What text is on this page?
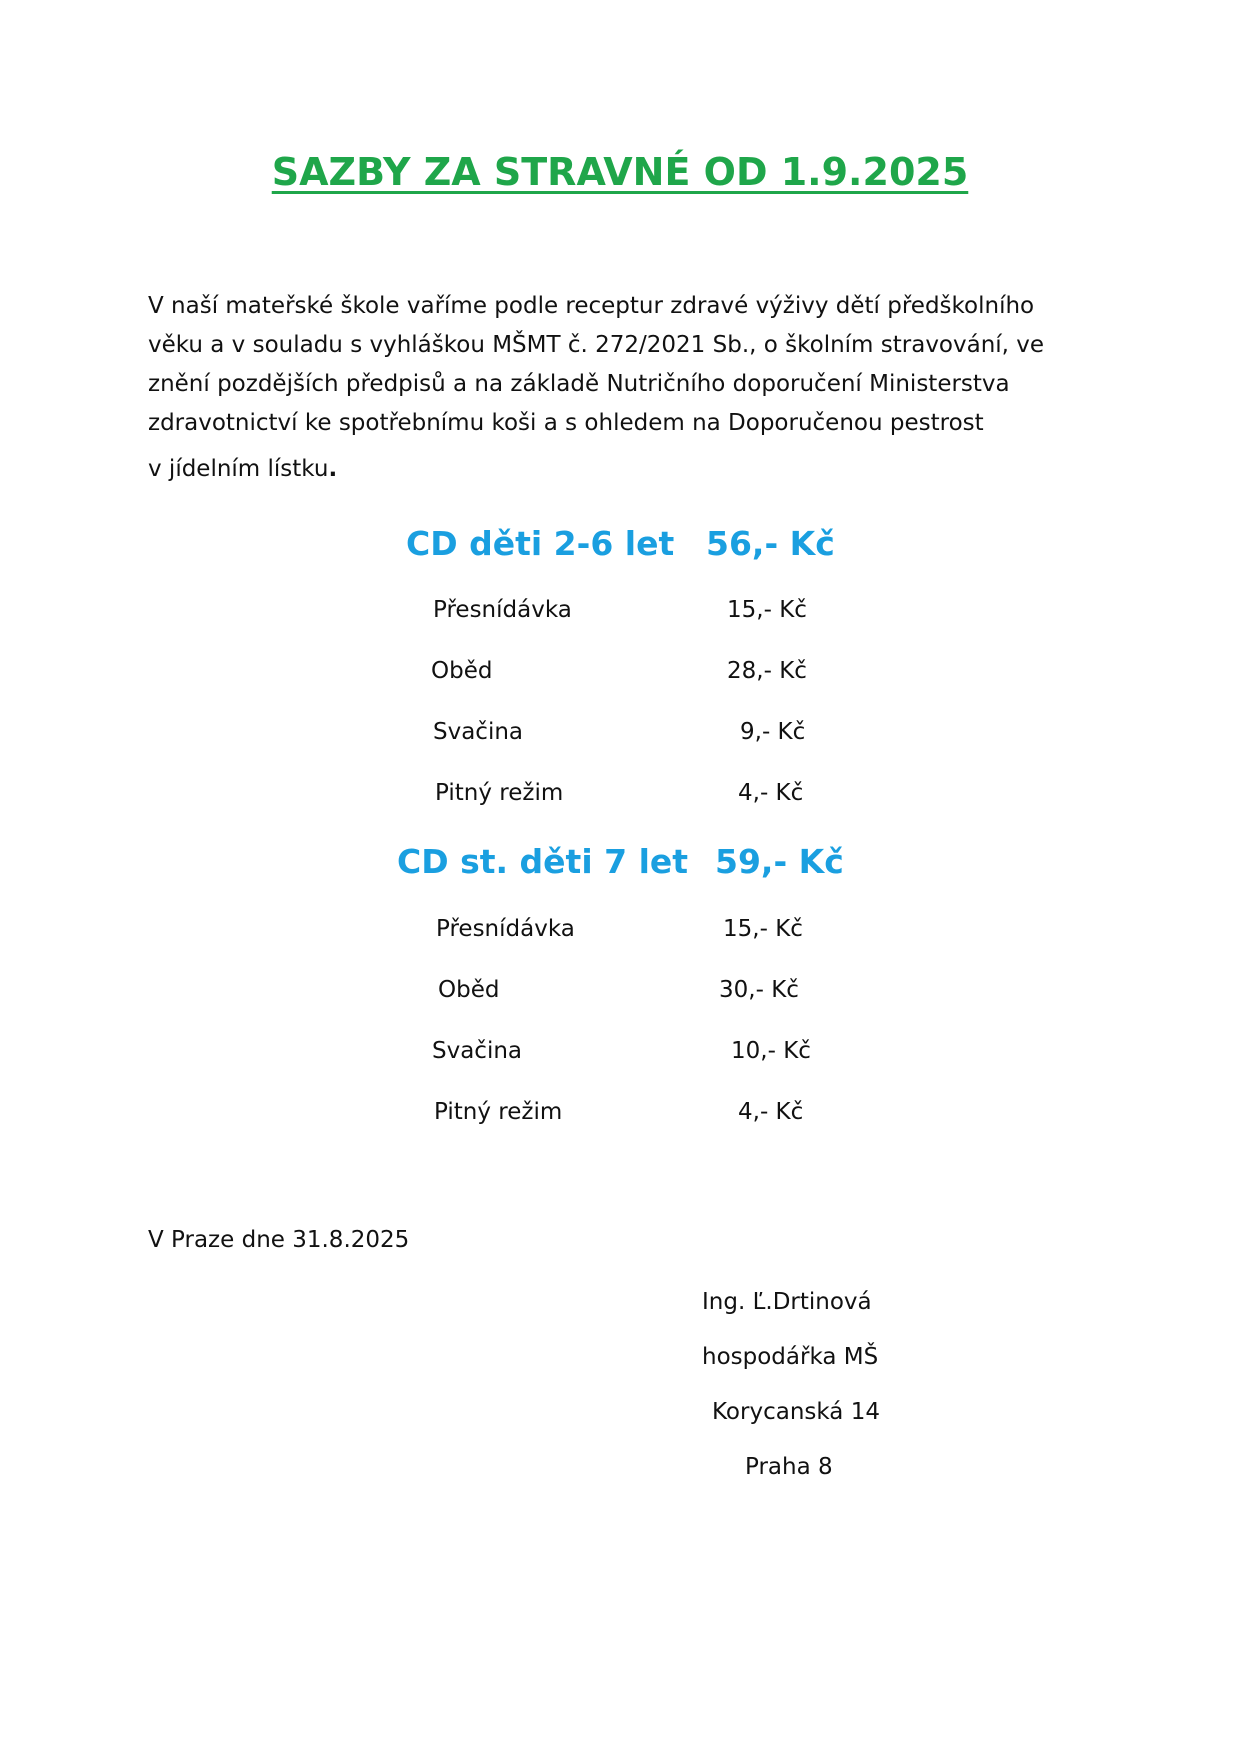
SAZBY ZA STRAVNÉ OD 1.9.2025

V naší mateřské škole vaříme podle receptur zdravé výživy dětí předškolního

věku a v souladu s vyhláškou MŠMT č. 272/2021 Sb., o školním stravování, ve

znění pozdějších předpisů a na základě Nutričního doporučení Ministerstva

zdravotnictví ke spotřebnímu koši a s ohledem na Doporučenou pestrost

v jídelním lístku.

CD děti 2-6 let 56,- Kč
Přesnídávka	15,- Kč
Oběd	28,- Kč
Svačina	9,- Kč
Pitný režim	4,- Kč
CD st. děti 7 let 59,- Kč
Přesnídávka	15,- Kč
Oběd	30,- Kč
Svačina	10,- Kč
Pitný režim	4,- Kč
V Praze dne 31.8.2025
Ing. Ľ.Drtinová
hospodářka MŠ
Korycanská 14
Praha 8
